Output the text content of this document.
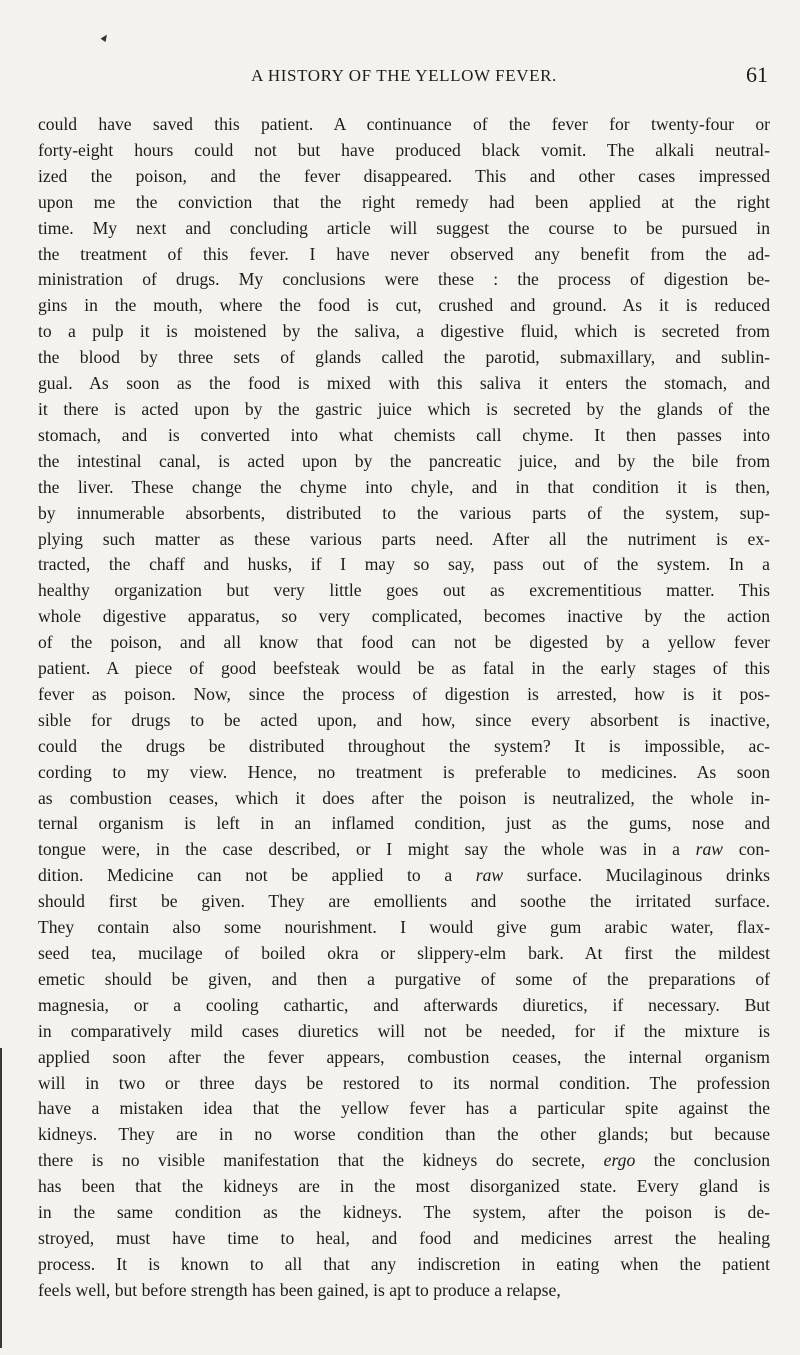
A HISTORY OF THE YELLOW FEVER.	61
could have saved this patient. A continuance of the fever for twenty-four or
forty-eight hours could not but have produced black vomit. The alkali neutral-
ized the poison, and the fever disappeared. This and other cases impressed
upon me the conviction that the right remedy had been applied at the right
time. My next and concluding article will suggest the course to be pursued in
the treatment of this fever. I have never observed any benefit from the ad-
ministration of drugs. My conclusions were these : the process of digestion be-
gins in the mouth, where the food is cut, crushed and ground. As it is reduced
to a pulp it is moistened by the saliva, a digestive fluid, which is secreted from
the blood by three sets of glands called the parotid, submaxillary, and sublin-
gual. As soon as the food is mixed with this saliva it enters the stomach, and
it there is acted upon by the gastric juice which is secreted by the glands of the
stomach, and is converted into what chemists call chyme. It then passes into
the intestinal canal, is acted upon by the pancreatic juice, and by the bile from
the liver. These change the chyme into chyle, and in that condition it is then,
by innumerable absorbents, distributed to the various parts of the system, sup-
plying such matter as these various parts need. After all the nutriment is ex-
tracted, the chaff and husks, if I may so say, pass out of the system. In a
healthy organization but very little goes out as excrementitious matter. This
whole digestive apparatus, so very complicated, becomes inactive by the action
of the poison, and all know that food can not be digested by a yellow fever
patient. A piece of good beefsteak would be as fatal in the early stages of this
fever as poison. Now, since the process of digestion is arrested, how is it pos-
sible for drugs to be acted upon, and how, since every absorbent is inactive,
could the drugs be distributed throughout the system? It is impossible, ac-
cording to my view. Hence, no treatment is preferable to medicines. As soon
as combustion ceases, which it does after the poison is neutralized, the whole in-
ternal organism is left in an inflamed condition, just as the gums, nose and
tongue were, in the case described, or I might say the whole was in a raw con-
dition. Medicine can not be applied to a raw surface. Mucilaginous drinks
should first be given. They are emollients and soothe the irritated surface.
They contain also some nourishment. I would give gum arabic water, flax-
seed tea, mucilage of boiled okra or slippery-elm bark. At first the mildest
emetic should be given, and then a purgative of some of the preparations of
magnesia, or a cooling cathartic, and afterwards diuretics, if necessary. But
in comparatively mild cases diuretics will not be needed, for if the mixture is
applied soon after the fever appears, combustion ceases, the internal organism
will in two or three days be restored to its normal condition. The profession
have a mistaken idea that the yellow fever has a particular spite against the
kidneys. They are in no worse condition than the other glands; but because
there is no visible manifestation that the kidneys do secrete, ergo the conclusion
has been that the kidneys are in the most disorganized state. Every gland is
in the same condition as the kidneys. The system, after the poison is de-
stroyed, must have time to heal, and food and medicines arrest the healing
process. It is known to all that any indiscretion in eating when the patient
feels well, but before strength has been gained, is apt to produce a relapse,
